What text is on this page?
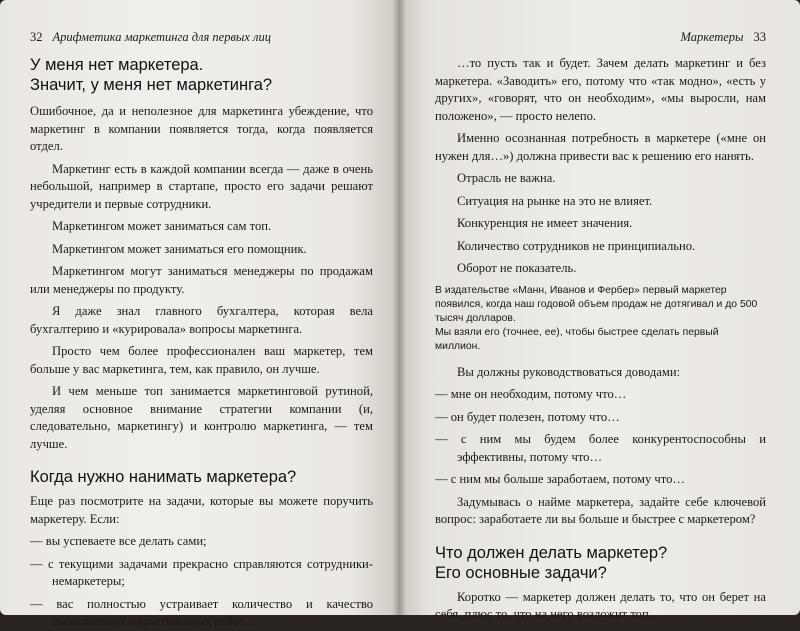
32 Арифметика маркетинга для первых лиц
У меня нет маркетера.
Значит, у меня нет маркетинга?

Ошибочное, да и неполезное для маркетинга убеждение, что маркетинг в компании появляется тогда, когда появляется отдел.

Маркетинг есть в каждой компании всегда — даже в очень небольшой, например в стартапе, просто его задачи решают учредители и первые сотрудники.

Маркетингом может заниматься сам топ.

Маркетингом может заниматься его помощник.

Маркетингом могут заниматься менеджеры по продажам или менеджеры по продукту.

Я даже знал главного бухгалтера, которая вела бухгалтерию и «курировала» вопросы маркетинга.

Просто чем более профессионален ваш маркетер, тем больше у вас маркетинга, тем, как правило, он лучше.

И чем меньше топ занимается маркетинговой рутиной, уделяя основное внимание стратегии компании (и, следовательно, маркетингу) и контролю маркетинга, — тем лучше.

Когда нужно нанимать маркетера?

Еще раз посмотрите на задачи, которые вы можете поручить маркетеру. Если:

— вы успеваете все делать сами;

— с текущими задачами прекрасно справляются сотрудники-немаркетеры;

— вас полностью устраивает количество и качество выполненных маркетинговых работ…

Маркетеры 33

…то пусть так и будет. Зачем делать маркетинг и без маркетера. «Заводить» его, потому что «так модно», «есть у других», «говорят, что он необходим», «мы выросли, нам положено», — просто нелепо.

Именно осознанная потребность в маркетере («мне он нужен для…») должна привести вас к решению его нанять.

Отрасль не важна.

Ситуация на рынке на это не влияет.

Конкуренция не имеет значения.

Количество сотрудников не принципиально.

Оборот не показатель.

В издательстве «Манн, Иванов и Фербер» первый маркетер появился, когда наш годовой объем продаж не дотягивал и до 500 тысяч долларов.

Мы взяли его (точнее, ее), чтобы быстрее сделать первый миллион.

Вы должны руководствоваться доводами:

— мне он необходим, потому что…

— он будет полезен, потому что…

— с ним мы будем более конкурентоспособны и эффективны, потому что…

— с ним мы больше заработаем, потому что…

Задумывась о найме маркетера, задайте себе ключевой вопрос: заработаете ли вы больше и быстрее с маркетером?

Что должен делать маркетер?
Его основные задачи?

Коротко — маркетер должен делать то, что он берет на себя, плюс то, что на него возложит топ.
